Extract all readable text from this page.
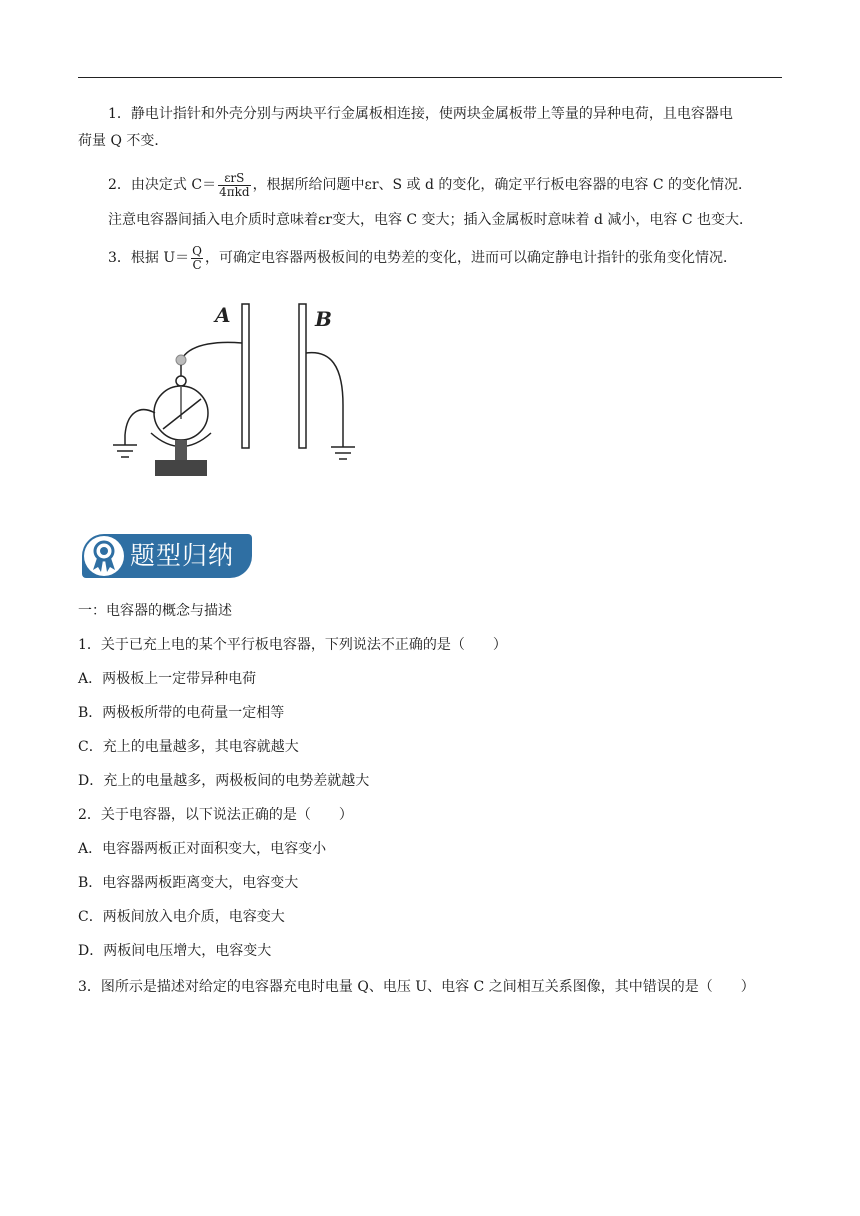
1．静电计指针和外壳分别与两块平行金属板相连接，使两块金属板带上等量的异种电荷，且电容器电
荷量 Q 不变．
2．由决定式 $C= \frac{\text{εrS}}{\text{4πkd}}$ ，根据所给问题中εr、S 或 d 的变化，确定平行板电容器的电容 C 的变化情况．
注意电容器间插入电介质时意味着εr变大，电容 C 变大；插入金属板时意味着 d 减小，电容 C 也变大．
3．根据 $U= \frac{Q}{C}$ ，可确定电容器两极板间的电势差的变化，进而可以确定静电计指针的张角变化情况．
A	B
题型归纳
一：电容器的概念与描述
1．关于已充上电的某个平行板电容器，下列说法不正确的是（　　）
A．两极板上一定带异种电荷
B．两极板所带的电荷量一定相等
C．充上的电量越多，其电容就越大
D．充上的电量越多，两极板间的电势差就越大
2．关于电容器，以下说法正确的是（　　）
A．电容器两板正对面积变大，电容变小
B．电容器两板距离变大，电容变大
C．两板间放入电介质，电容变大
D．两板间电压增大，电容变大
3．图所示是描述对给定的电容器充电时电量 Q、电压 U、电容 C 之间相互关系图像，其中错误的是（　　）
